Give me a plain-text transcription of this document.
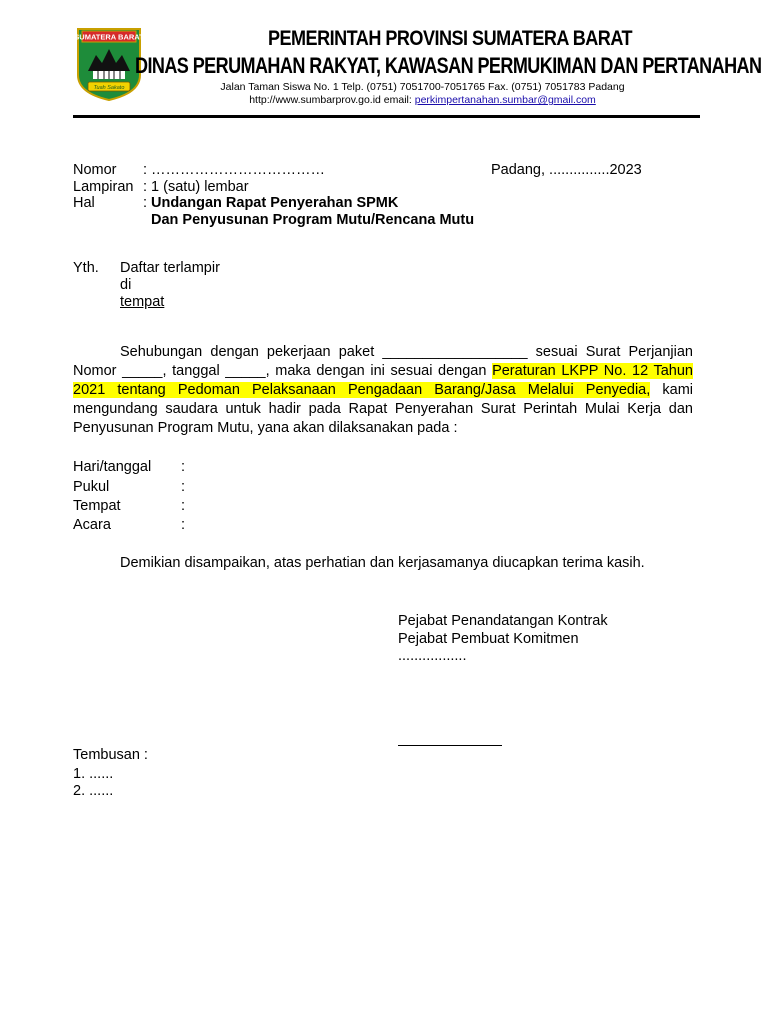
SUMATERA BARAT
Tuah Sakato
PEMERINTAH PROVINSI SUMATERA BARAT
DINAS PERUMAHAN RAKYAT, KAWASAN PERMUKIMAN DAN PERTANAHAN
Jalan Taman Siswa No. 1 Telp. (0751) 7051700-7051765 Fax. (0751) 7051783 Padang
http://www.sumbarprov.go.id email: perkimpertanahan.sumbar@gmail.com
Nomor : ………………………………	Padang, ...............2023
Lampiran : 1 (satu) lembar
Hal	: Undangan Rapat Penyerahan SPMK
Dan Penyusunan Program Mutu/Rencana Mutu
Yth. Daftar terlampir
di
tempat
Sehubungan dengan pekerjaan paket __________________ sesuai Surat Perjanjian Nomor _____, tanggal _____, maka dengan ini sesuai dengan Peraturan LKPP No. 12 Tahun 2021 tentang Pedoman Pelaksanaan Pengadaan Barang/Jasa Melalui Penyedia, kami mengundang saudara untuk hadir pada Rapat Penyerahan Surat Perintah Mulai Kerja dan Penyusunan Program Mutu, yana akan dilaksanakan pada :
Hari/tanggal :
Pukul	:
Tempat	:
Acara	:
Demikian disampaikan, atas perhatian dan kerjasamanya diucapkan terima kasih.
Pejabat Penandatangan Kontrak
Pejabat Pembuat Komitmen
.................
Tembusan :
1. ......
2. ......
